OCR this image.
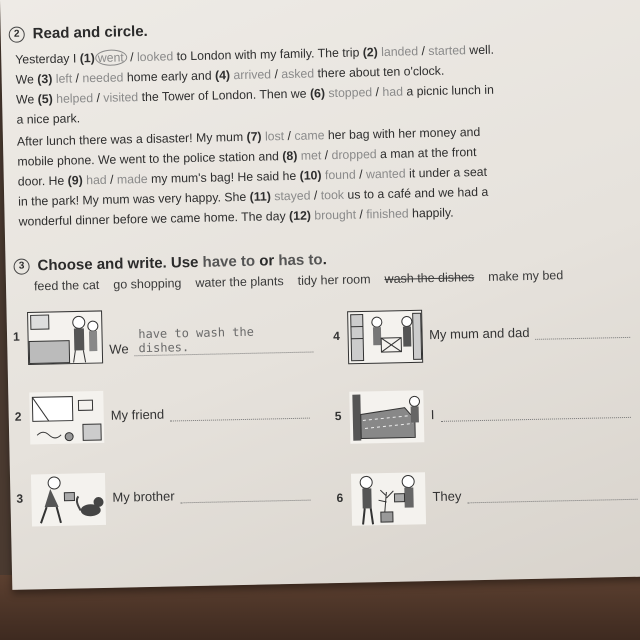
2 Read and circle.
Yesterday I (1) went / looked to London with my family. The trip (2) landed / started well.
We (3) left / needed home early and (4) arrived / asked there about ten o'clock.
We (5) helped / visited the Tower of London. Then we (6) stopped / had a picnic lunch in
a nice park.
After lunch there was a disaster! My mum (7) lost / came her bag with her money and
mobile phone. We went to the police station and (8) met / dropped a man at the front
door. He (9) had / made my mum's bag! He said he (10) found / wanted it under a seat
in the park! My mum was very happy. She (11) stayed / took us to a café and we had a
wonderful dinner before we came home. The day (12) brought / finished happily.
3 Choose and write. Use have to or has to.
feed the cat go shopping water the plants tidy her room wash the dishes make my bed
1
We
have to wash the dishes.
2	My friend
3	My brother
4	My mum and dad
5	I
6	They
